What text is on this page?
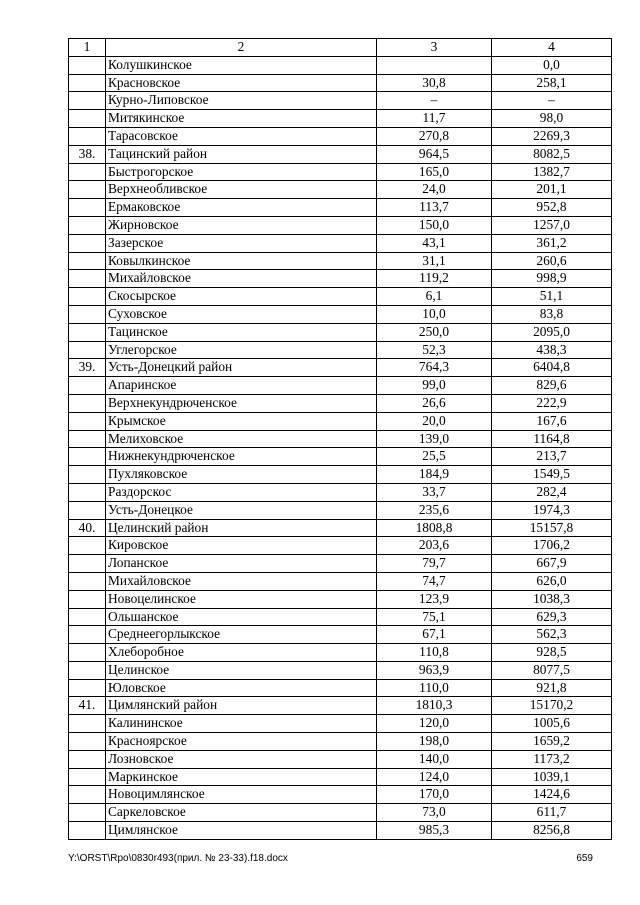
1	2	3	4
	Колушкинское		0,0
	Красновское	30,8	258,1
	Курно-Липовское	–	–
	Митякинское	11,7	98,0
	Тарасовское	270,8	2269,3
38.	Тацинский район	964,5	8082,5
	Быстрогорское	165,0	1382,7
	Верхнеобливское	24,0	201,1
	Ермаковское	113,7	952,8
	Жирновское	150,0	1257,0
	Зазерское	43,1	361,2
	Ковылкинское	31,1	260,6
	Михайловское	119,2	998,9
	Скосырское	6,1	51,1
	Суховское	10,0	83,8
	Тацинское	250,0	2095,0
	Углегорское	52,3	438,3
39.	Усть-Донецкий район	764,3	6404,8
	Апаринское	99,0	829,6
	Верхнекундрюченское	26,6	222,9
	Крымское	20,0	167,6
	Мелиховское	139,0	1164,8
	Нижнекундрюченское	25,5	213,7
	Пухляковское	184,9	1549,5
	Раздорскос	33,7	282,4
	Усть-Донецкое	235,6	1974,3
40.	Целинский район	1808,8	15157,8
	Кировское	203,6	1706,2
	Лопанское	79,7	667,9
	Михайловское	74,7	626,0
	Новоцелинское	123,9	1038,3
	Ольшанское	75,1	629,3
	Среднеегорлыкское	67,1	562,3
	Хлеборобное	110,8	928,5
	Целинское	963,9	8077,5
	Юловское	110,0	921,8
41.	Цимлянский район	1810,3	15170,2
	Калининское	120,0	1005,6
	Краснoярское	198,0	1659,2
	Лозновское	140,0	1173,2
	Маркинское	124,0	1039,1
	Новоцимлянское	170,0	1424,6
	Саркеловское	73,0	611,7
	Цимлянское	985,3	8256,8
Y:\ORST\Rpo\0830r493(прил. № 23-33).f18.docx	659
